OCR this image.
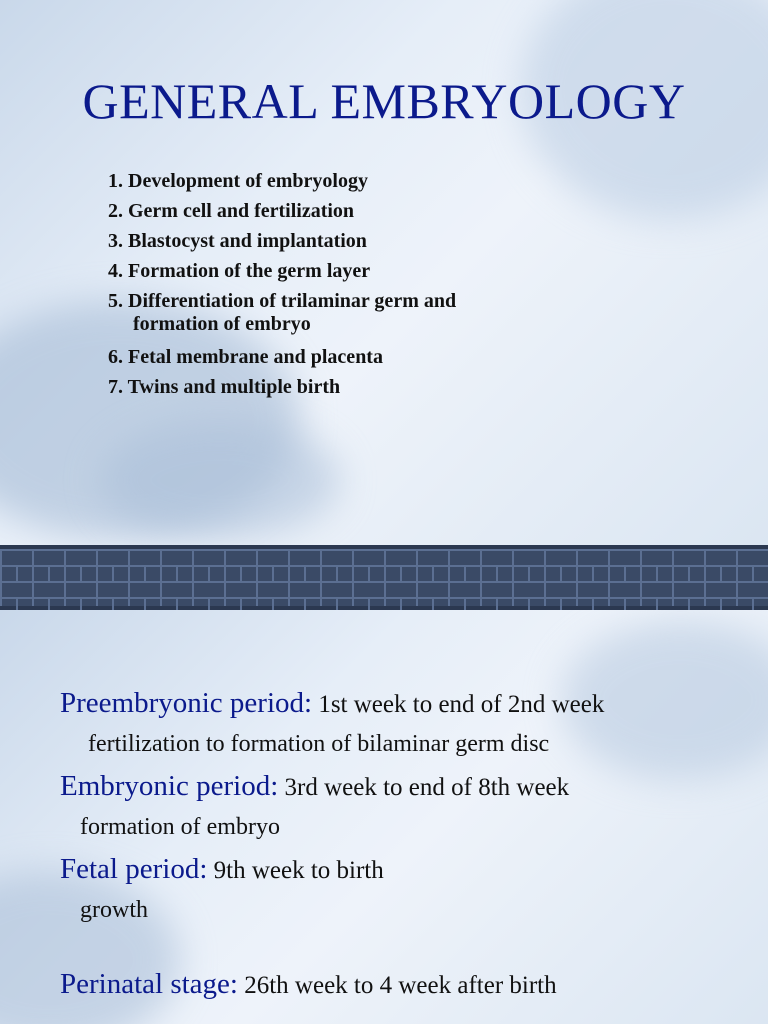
GENERAL EMBRYOLOGY
1. Development of embryology
2. Germ cell and fertilization
3. Blastocyst and implantation
4. Formation of the germ layer
5. Differentiation of trilaminar germ and
formation of embryo
6. Fetal membrane and placenta
7. Twins and multiple birth

Preembryonic period: 1st week to end of 2nd week

fertilization to formation of bilaminar germ disc

Embryonic period: 3rd week to end of 8th week

formation of embryo

Fetal period: 9th week to birth

growth

Perinatal stage: 26th week to 4 week after birth
